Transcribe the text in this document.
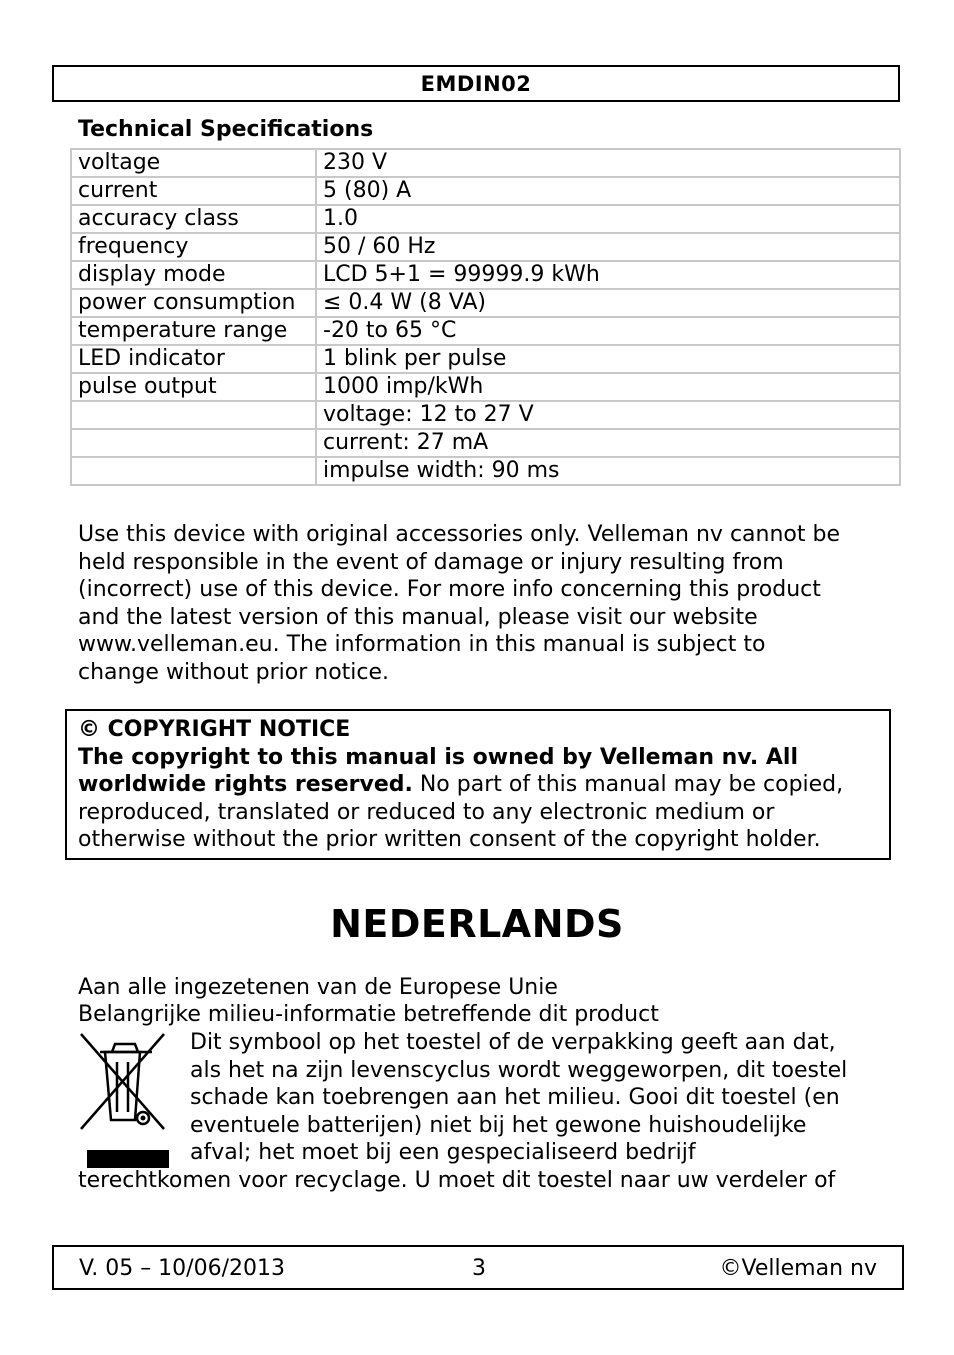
EMDIN02
Technical Specifications
voltage	230 V
current	5 (80) A
accuracy class	1.0
frequency	50 / 60 Hz
display mode	LCD 5+1 = 99999.9 kWh
power consumption	≤ 0.4 W (8 VA)
temperature range	-20 to 65 °C
LED indicator	1 blink per pulse
pulse output	1000 imp/kWh
	voltage: 12 to 27 V
	current: 27 mA
	impulse width: 90 ms
Use this device with original accessories only. Velleman nv cannot be
held responsible in the event of damage or injury resulting from
(incorrect) use of this device. For more info concerning this product
and the latest version of this manual, please visit our website
www.velleman.eu. The information in this manual is subject to
change without prior notice.
© COPYRIGHT NOTICE
The copyright to this manual is owned by Velleman nv. All
worldwide rights reserved. No part of this manual may be copied,
reproduced, translated or reduced to any electronic medium or
otherwise without the prior written consent of the copyright holder.
NEDERLANDS
Aan alle ingezetenen van de Europese Unie
Belangrijke milieu-informatie betreffende dit product
Dit symbool op het toestel of de verpakking geeft aan dat,
als het na zijn levenscyclus wordt weggeworpen, dit toestel
schade kan toebrengen aan het milieu. Gooi dit toestel (en
eventuele batterijen) niet bij het gewone huishoudelijke
afval; het moet bij een gespecialiseerd bedrijf
terechtkomen voor recyclage. U moet dit toestel naar uw verdeler of
V. 05 – 10/06/2013	3	©Velleman nv
